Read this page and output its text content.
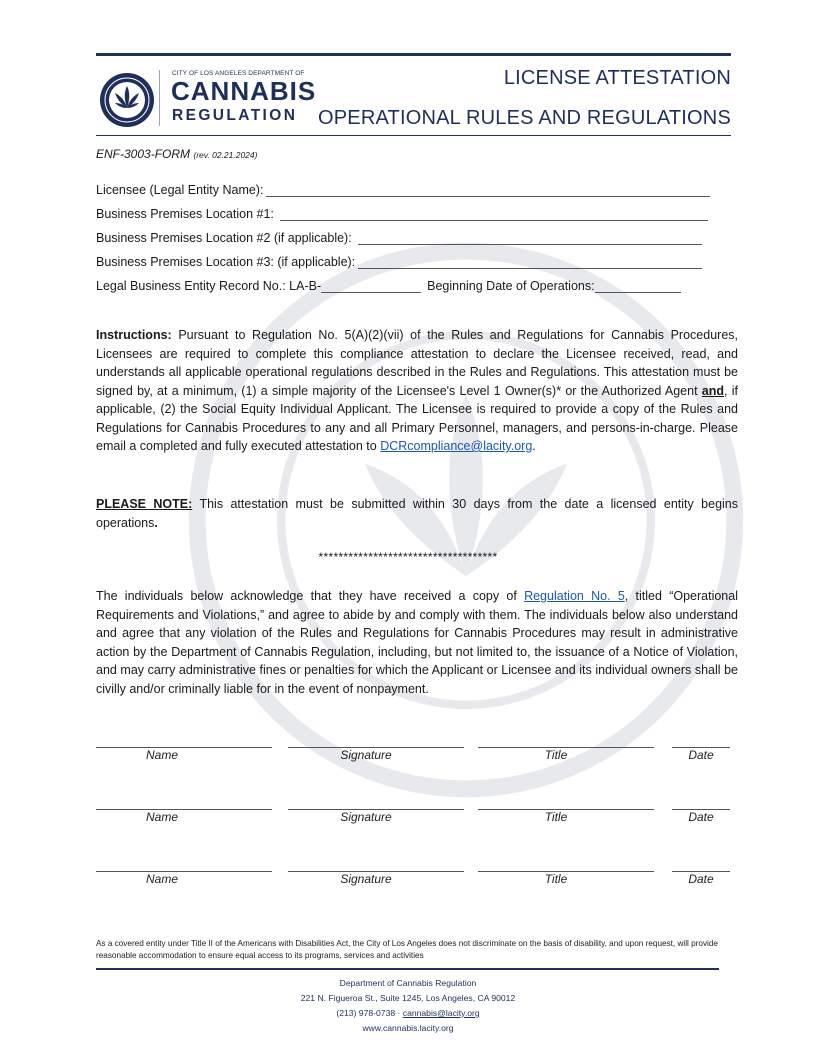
CITY OF LOS ANGELES DEPARTMENT OF
CANNABIS
REGULATION
LICENSE ATTESTATION
OPERATIONAL RULES AND REGULATIONS
ENF-3003-FORM (rev. 02.21.2024)
Licensee (Legal Entity Name):
Business Premises Location #1:
Business Premises Location #2 (if applicable):
Business Premises Location #3: (if applicable):
Legal Business Entity Record No.: LA-B-	Beginning Date of Operations:
Instructions: Pursuant to Regulation No. 5(A)(2)(vii) of the Rules and Regulations for Cannabis Procedures, Licensees are required to complete this compliance attestation to declare the Licensee received, read, and understands all applicable operational regulations described in the Rules and Regulations. This attestation must be signed by, at a minimum, (1) a simple majority of the Licensee's Level 1 Owner(s)* or the Authorized Agent and, if applicable, (2) the Social Equity Individual Applicant. The Licensee is required to provide a copy of the Rules and Regulations for Cannabis Procedures to any and all Primary Personnel, managers, and persons-in-charge. Please email a completed and fully executed attestation to DCRcompliance@lacity.org.
PLEASE NOTE: This attestation must be submitted within 30 days from the date a licensed entity begins operations.
************************************
The individuals below acknowledge that they have received a copy of Regulation No. 5, titled “Operational Requirements and Violations,” and agree to abide by and comply with them. The individuals below also understand and agree that any violation of the Rules and Regulations for Cannabis Procedures may result in administrative action by the Department of Cannabis Regulation, including, but not limited to, the issuance of a Notice of Violation, and may carry administrative fines or penalties for which the Applicant or Licensee and its individual owners shall be civilly and/or criminally liable for in the event of nonpayment.
Name	Signature	Title	Date
Name	Signature	Title	Date
Name	Signature	Title	Date
As a covered entity under Title II of the Americans with Disabilities Act, the City of Los Angeles does not discriminate on the basis of disability, and upon request, will provide reasonable accommodation to ensure equal access to its programs, services and activities
Department of Cannabis Regulation
221 N. Figueroa St., Suite 1245, Los Angeles, CA 90012
(213) 978-0738 · cannabis@lacity.org
www.cannabis.lacity.org
